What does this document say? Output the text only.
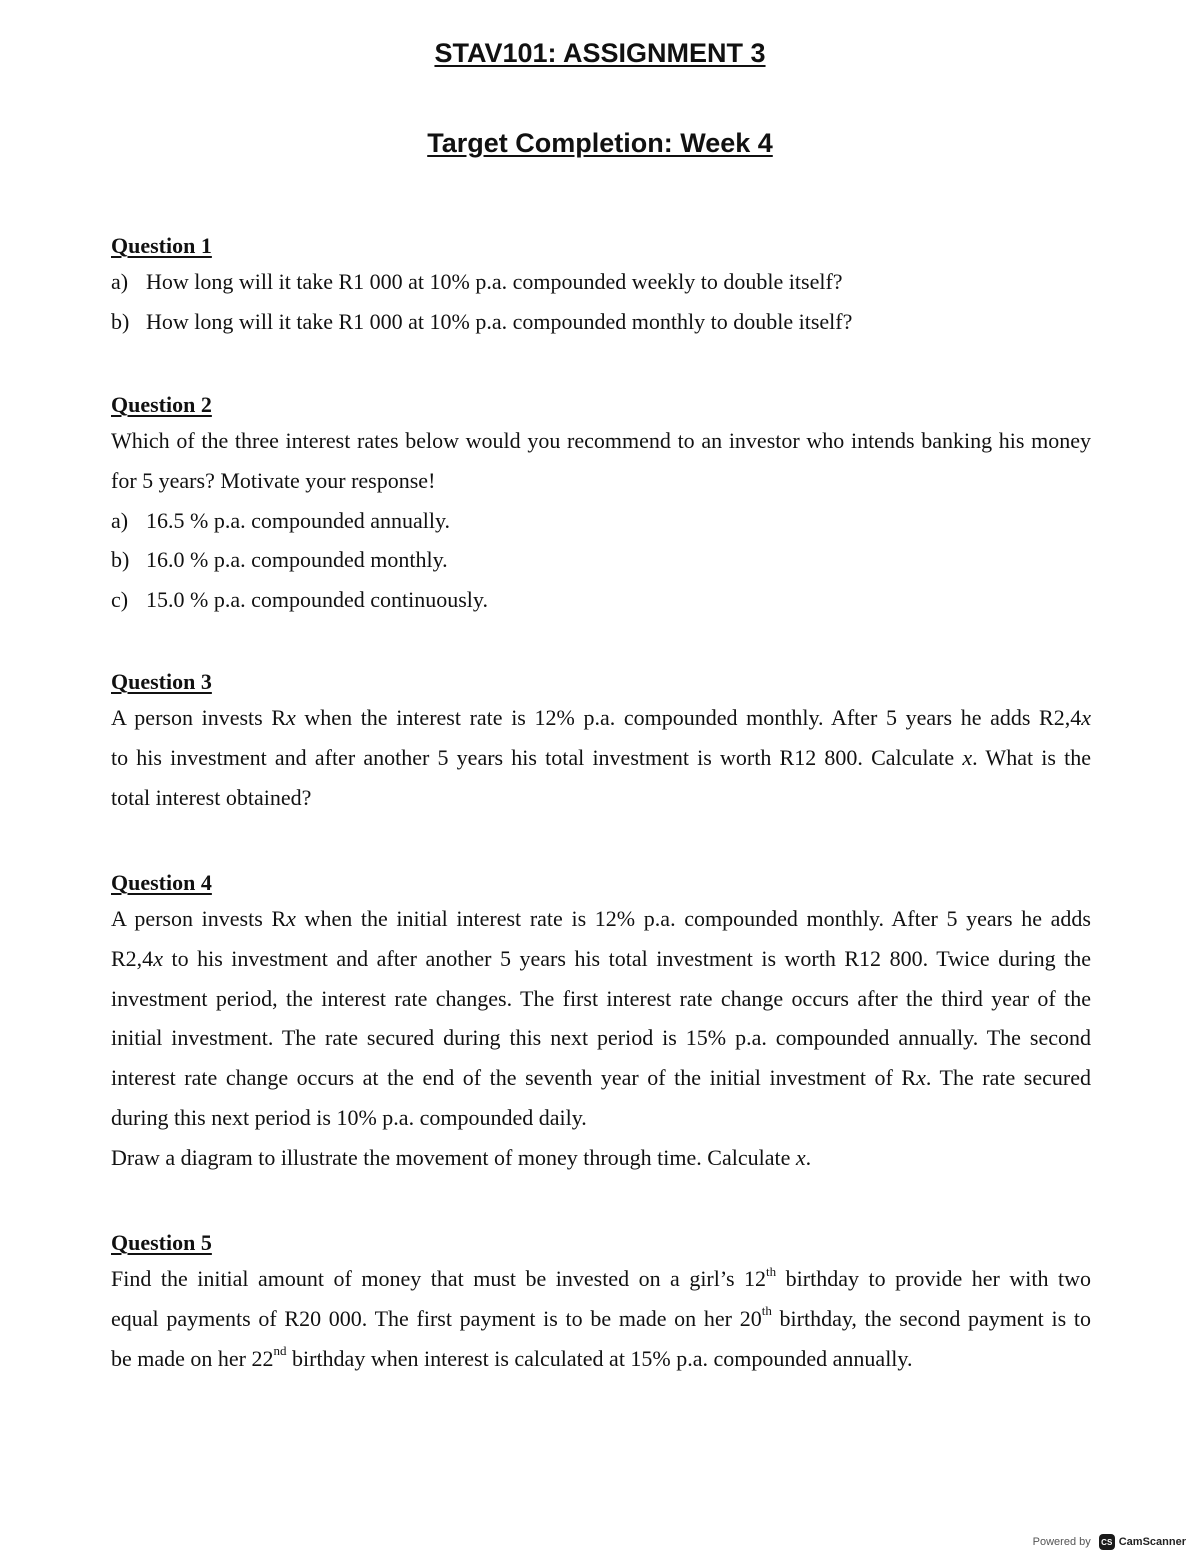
STAV101: ASSIGNMENT 3
Target Completion: Week 4
Question 1
a) How long will it take R1 000 at 10% p.a. compounded weekly to double itself?
b) How long will it take R1 000 at 10% p.a. compounded monthly to double itself?
Question 2
Which of the three interest rates below would you recommend to an investor who intends banking his money
for 5 years? Motivate your response!
a) 16.5 % p.a. compounded annually.
b) 16.0 % p.a. compounded monthly.
c) 15.0 % p.a. compounded continuously.
Question 3
A person invests Rx when the interest rate is 12% p.a. compounded monthly. After 5 years he adds R2,4x
to his investment and after another 5 years his total investment is worth R12 800. Calculate x. What is the
total interest obtained?
Question 4
A person invests Rx when the initial interest rate is 12% p.a. compounded monthly. After 5 years he adds
R2,4x to his investment and after another 5 years his total investment is worth R12 800. Twice during the
investment period, the interest rate changes. The first interest rate change occurs after the third year of the
initial investment. The rate secured during this next period is 15% p.a. compounded annually. The second
interest rate change occurs at the end of the seventh year of the initial investment of Rx. The rate secured
during this next period is 10% p.a. compounded daily.
Draw a diagram to illustrate the movement of money through time. Calculate x.
Question 5
Find the initial amount of money that must be invested on a girl’s 12th birthday to provide her with two
equal payments of R20 000. The first payment is to be made on her 20th birthday, the second payment is to
be made on her 22nd birthday when interest is calculated at 15% p.a. compounded annually.
Powered by	CS CamScanner
